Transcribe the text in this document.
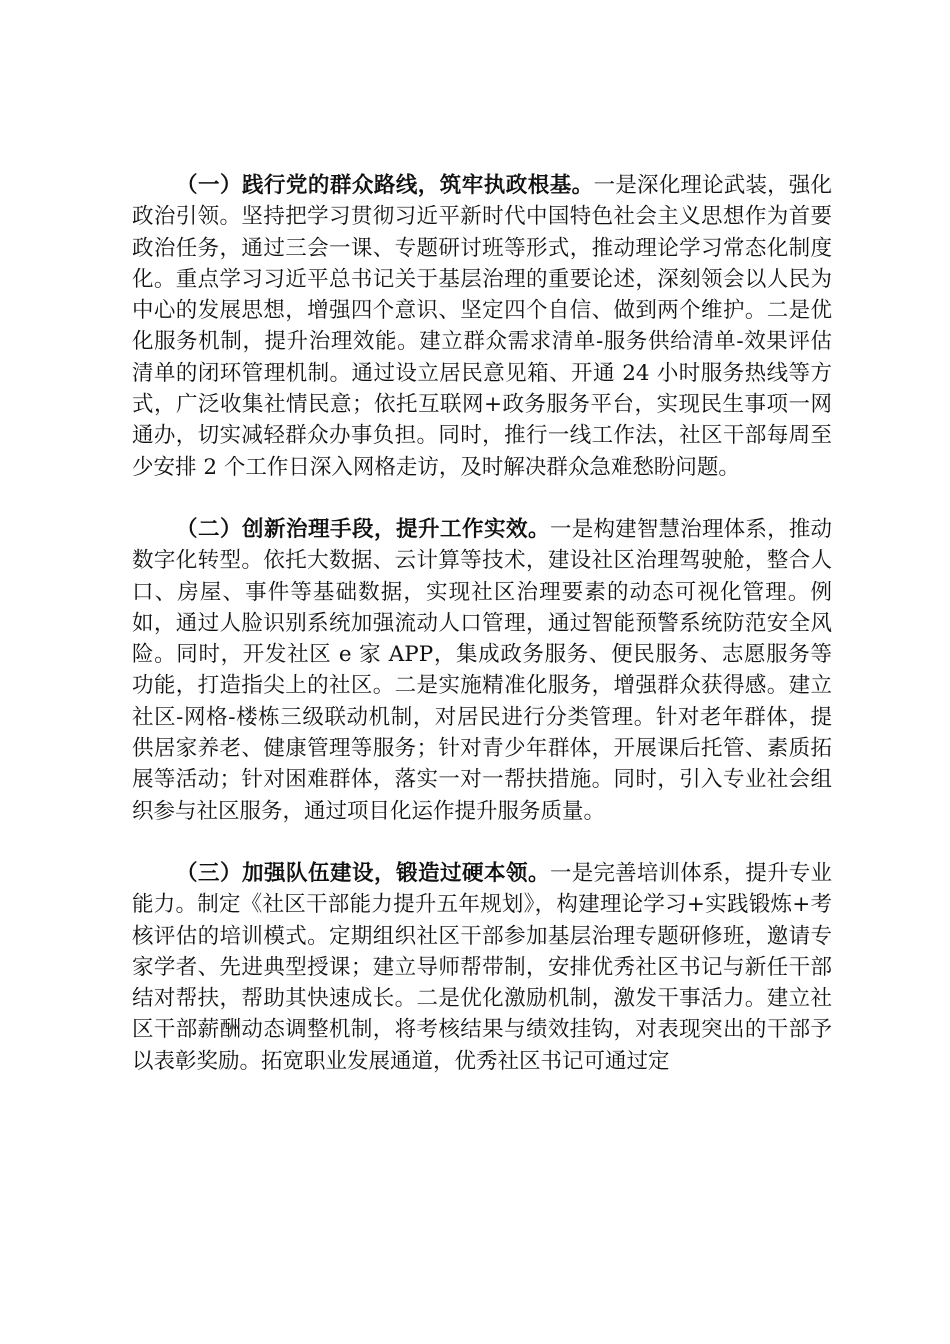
（一）践行党的群众路线，筑牢执政根基。一是深化理论武装，强化政治引领。坚持把学习贯彻习近平新时代中国特色社会主义思想作为首要政治任务，通过三会一课、专题研讨班等形式，推动理论学习常态化制度化。重点学习习近平总书记关于基层治理的重要论述，深刻领会以人民为中心的发展思想，增强四个意识、坚定四个自信、做到两个维护。二是优化服务机制，提升治理效能。建立群众需求清单-服务供给清单-效果评估清单的闭环管理机制。通过设立居民意见箱、开通 24 小时服务热线等方式，广泛收集社情民意；依托互联网+政务服务平台，实现民生事项一网通办，切实减轻群众办事负担。同时，推行一线工作法，社区干部每周至少安排 2 个工作日深入网格走访，及时解决群众急难愁盼问题。

（二）创新治理手段，提升工作实效。一是构建智慧治理体系，推动数字化转型。依托大数据、云计算等技术，建设社区治理驾驶舱，整合人口、房屋、事件等基础数据，实现社区治理要素的动态可视化管理。例如，通过人脸识别系统加强流动人口管理，通过智能预警系统防范安全风险。同时，开发社区 e 家 APP，集成政务服务、便民服务、志愿服务等功能，打造指尖上的社区。二是实施精准化服务，增强群众获得感。建立社区-网格-楼栋三级联动机制，对居民进行分类管理。针对老年群体，提供居家养老、健康管理等服务；针对青少年群体，开展课后托管、素质拓展等活动；针对困难群体，落实一对一帮扶措施。同时，引入专业社会组织参与社区服务，通过项目化运作提升服务质量。

（三）加强队伍建设，锻造过硬本领。一是完善培训体系，提升专业能力。制定《社区干部能力提升五年规划》，构建理论学习+实践锻炼+考核评估的培训模式。定期组织社区干部参加基层治理专题研修班，邀请专家学者、先进典型授课；建立导师帮带制，安排优秀社区书记与新任干部结对帮扶，帮助其快速成长。二是优化激励机制，激发干事活力。建立社区干部薪酬动态调整机制，将考核结果与绩效挂钩，对表现突出的干部予以表彰奖励。拓宽职业发展通道，优秀社区书记可通过定
